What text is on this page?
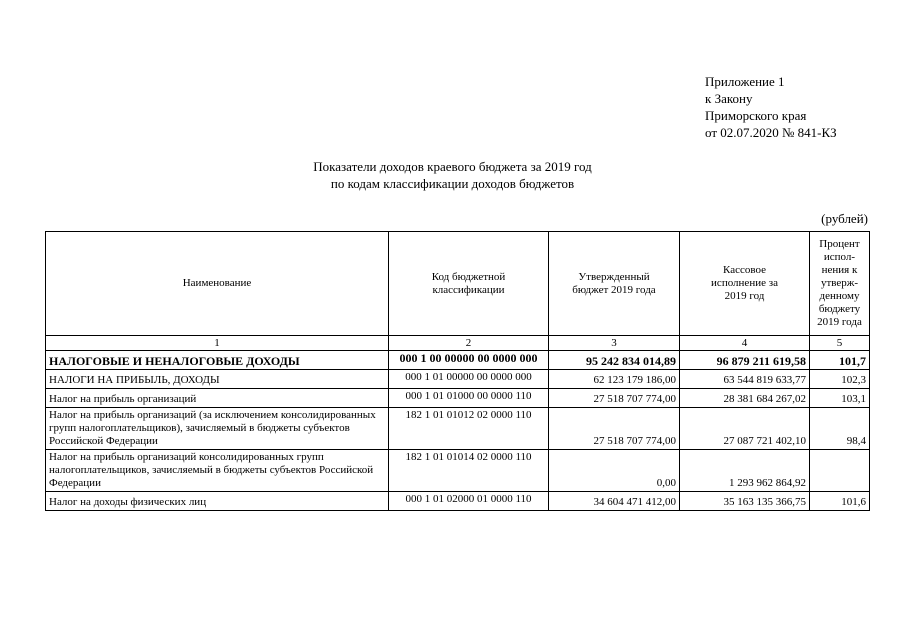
Приложение 1
к Закону
Приморского края
от 02.07.2020 № 841-КЗ
Показатели доходов краевого бюджета за 2019 год
по кодам классификации доходов бюджетов
(рублей)
Наименование	Код бюджетной классификации	Утвержденный бюджет 2019 года	Кассовое исполнение за 2019 год	Процент испол-нения к утверж-денному бюджету 2019 года
1	2	3	4	5
НАЛОГОВЫЕ И НЕНАЛОГОВЫЕ ДОХОДЫ	000 1 00 00000 00 0000 000	95 242 834 014,89	96 879 211 619,58	101,7
НАЛОГИ НА ПРИБЫЛЬ, ДОХОДЫ	000 1 01 00000 00 0000 000	62 123 179 186,00	63 544 819 633,77	102,3
Налог на прибыль организаций	000 1 01 01000 00 0000 110	27 518 707 774,00	28 381 684 267,02	103,1
Налог на прибыль организаций (за исключением консолидированных групп налогоплательщиков), зачисляемый в бюджеты субъектов Российской Федерации	182 1 01 01012 02 0000 110	27 518 707 774,00	27 087 721 402,10	98,4
Налог на прибыль организаций консолидированных групп налогоплательщиков, зачисляемый в бюджеты субъектов Российской Федерации	182 1 01 01014 02 0000 110	0,00	1 293 962 864,92	
Налог на доходы физических лиц	000 1 01 02000 01 0000 110	34 604 471 412,00	35 163 135 366,75	101,6
